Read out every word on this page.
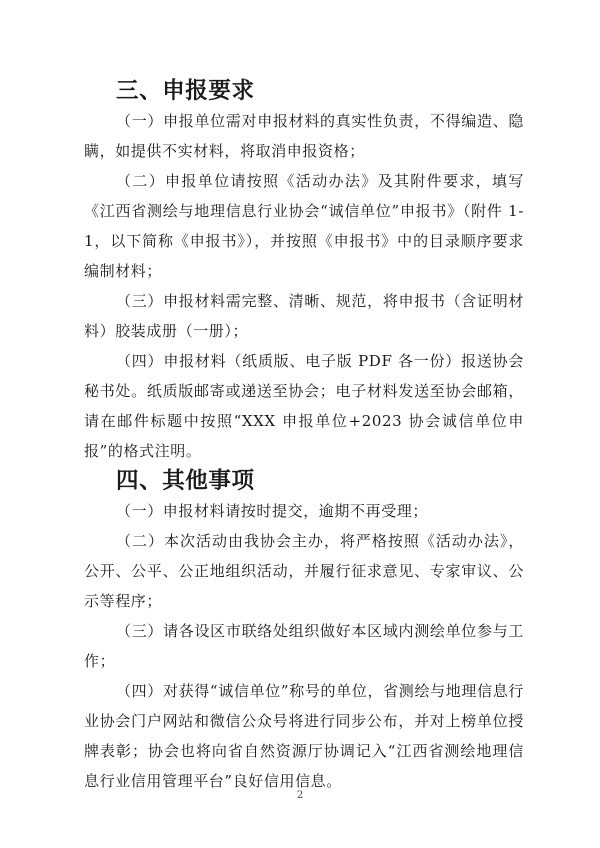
三、申报要求

（一）申报单位需对申报材料的真实性负责，不得编造、隐瞒，如提供不实材料，将取消申报资格；

（二）申报单位请按照《活动办法》及其附件要求，填写《江西省测绘与地理信息行业协会“诚信单位”申报书》（附件 1-1，以下简称《申报书》），并按照《申报书》中的目录顺序要求编制材料；

（三）申报材料需完整、清晰、规范，将申报书（含证明材料）胶装成册（一册）；

（四）申报材料（纸质版、电子版 PDF 各一份）报送协会秘书处。纸质版邮寄或递送至协会；电子材料发送至协会邮箱，请在邮件标题中按照“XXX 申报单位+2023 协会诚信单位申报”的格式注明。

四、其他事项

（一）申报材料请按时提交，逾期不再受理；

（二）本次活动由我协会主办，将严格按照《活动办法》，公开、公平、公正地组织活动，并履行征求意见、专家审议、公示等程序；

（三）请各设区市联络处组织做好本区域内测绘单位参与工作；

（四）对获得“诚信单位”称号的单位，省测绘与地理信息行业协会门户网站和微信公众号将进行同步公布，并对上榜单位授牌表彰；协会也将向省自然资源厅协调记入“江西省测绘地理信息行业信用管理平台”良好信用信息。

2
